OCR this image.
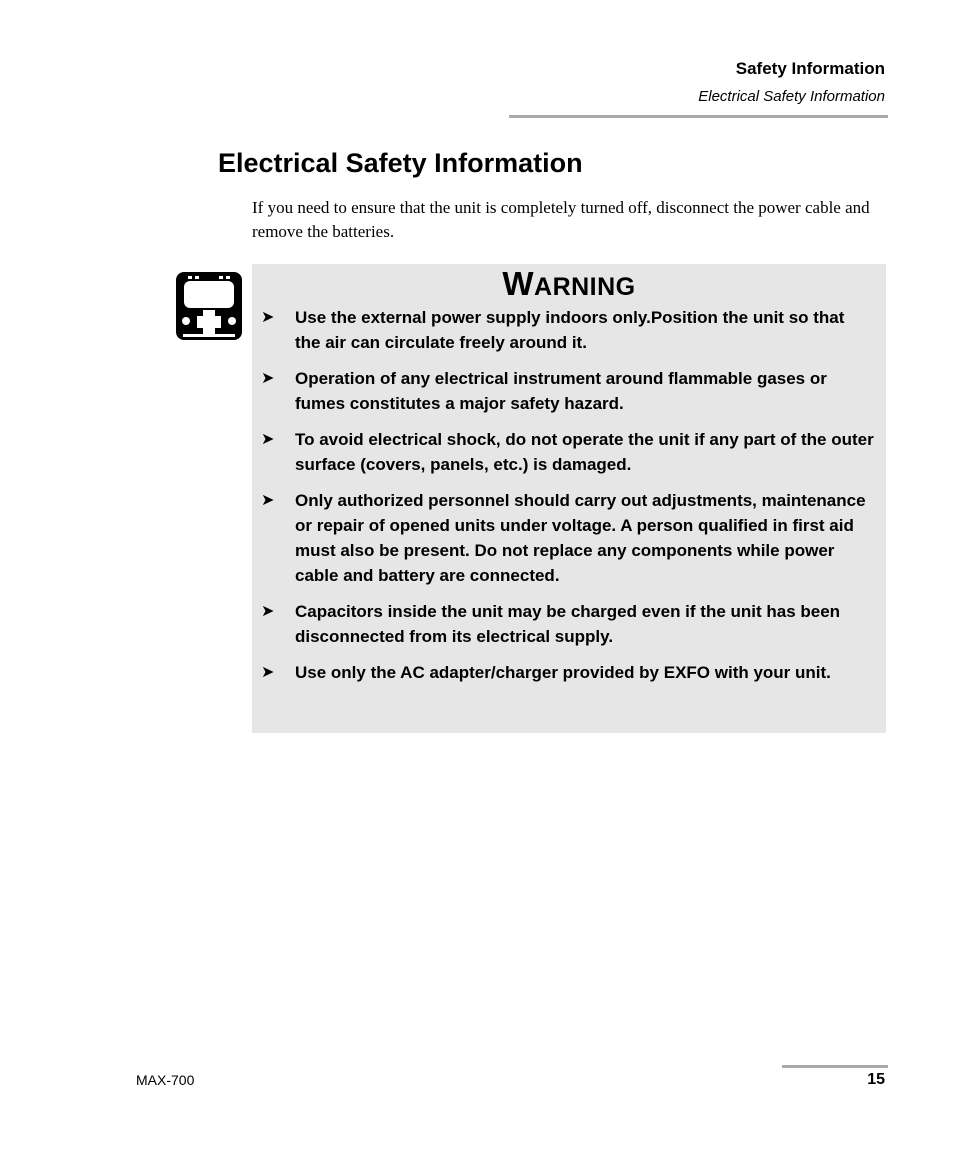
Safety Information
Electrical Safety Information
Electrical Safety Information

If you need to ensure that the unit is completely turned off, disconnect the power cable and remove the batteries.

WARNING
➤ Use the external power supply indoors only.Position the unit so that the air can circulate freely around it.
➤ Operation of any electrical instrument around flammable gases or fumes constitutes a major safety hazard.
➤ To avoid electrical shock, do not operate the unit if any part of the outer surface (covers, panels, etc.) is damaged.
➤ Only authorized personnel should carry out adjustments, maintenance or repair of opened units under voltage. A person qualified in first aid must also be present. Do not replace any components while power cable and battery are connected.
➤ Capacitors inside the unit may be charged even if the unit has been disconnected from its electrical supply.
➤ Use only the AC adapter/charger provided by EXFO with your unit.
MAX-700	15
